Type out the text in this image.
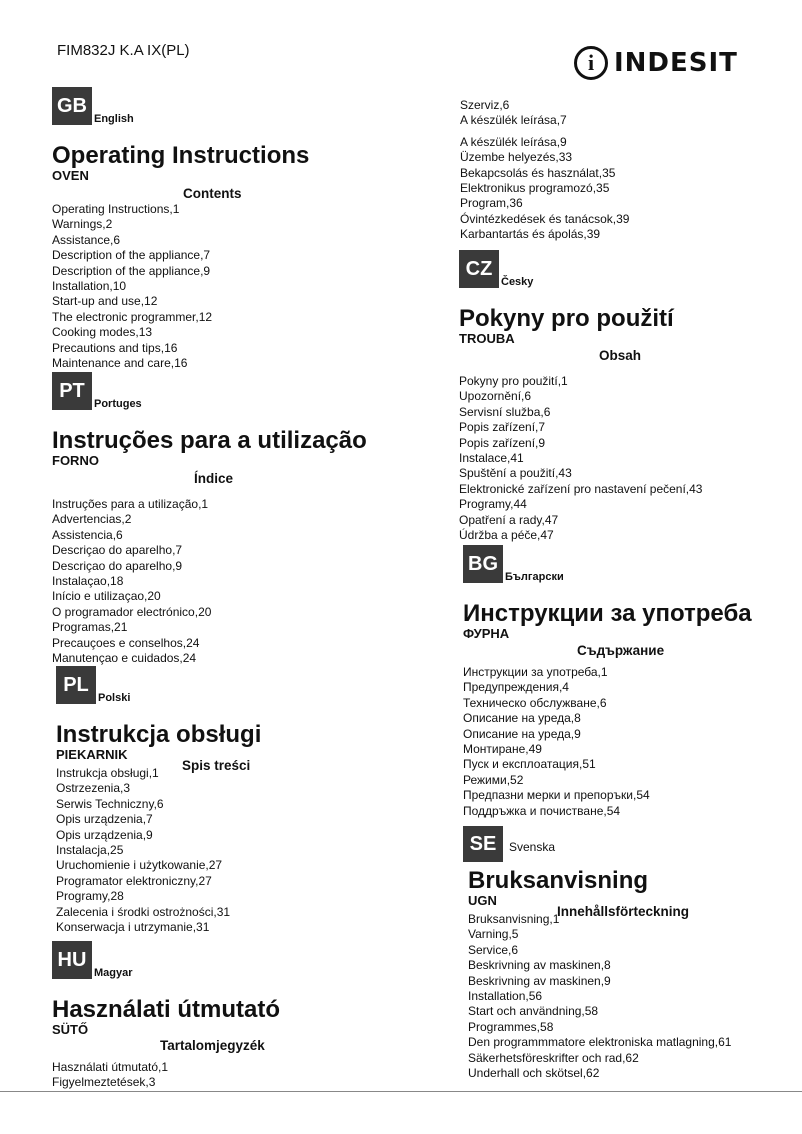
FIM832J K.A IX(PL)	i INDESIT
GB
English
Operating Instructions
OVEN
Contents
Operating Instructions,1
Warnings,2
Assistance,6
Description of the appliance,7
Description of the appliance,9
Installation,10
Start-up and use,12
The electronic programmer,12
Cooking modes,13
Precautions and tips,16
Maintenance and care,16
PT
Portuges
Instruções para a utilização
FORNO
Índice
Instruções para a utilização,1
Advertencias,2
Assistencia,6
Descriçao do aparelho,7
Descriçao do aparelho,9
Instalaçao,18
Início e utilizaçao,20
O programador electrónico,20
Programas,21
Precauçoes e conselhos,24
Manutençao e cuidados,24
PL
Polski
Instrukcja obsługi
PIEKARNIK
Spis treści
Instrukcja obsługi,1
Ostrzezenia,3
Serwis Techniczny,6
Opis urządzenia,7
Opis urządzenia,9
Instalacja,25
Uruchomienie i użytkowanie,27
Programator elektroniczny,27
Programy,28
Zalecenia i środki ostrożności,31
Konserwacja i utrzymanie,31
HU
Magyar
Használati útmutató
SÜTŐ
Tartalomjegyzék
Használati útmutató,1
Figyelmeztetések,3
Szerviz,6
A készülék leírása,7
A készülék leírása,9
Üzembe helyezés,33
Bekapcsolás és használat,35
Elektronikus programozó,35
Program,36
Óvintézkedések és tanácsok,39
Karbantartás és ápolás,39
CZ
Česky
Pokyny pro použití
TROUBA
Obsah
Pokyny pro použití,1
Upozornění,6
Servisní služba,6
Popis zařízení,7
Popis zařízení,9
Instalace,41
Spuštění a použití,43
Elektronické zařízení pro nastavení pečení,43
Programy,44
Opatření a rady,47
Údržba a péče,47
BG
Български
Инструкции за употреба
ФУРНА
Съдържание
Инструкции за употреба,1
Предупреждения,4
Техническо обслужване,6
Описание на уреда,8
Описание на уреда,9
Монтиране,49
Пуск и експлоатация,51
Режими,52
Предпазни мерки и препоръки,54
Поддръжка и почистване,54
SE	Svenska
Bruksanvisning
UGN
Innehållsförteckning
Bruksanvisning,1
Varning,5
Service,6
Beskrivning av maskinen,8
Beskrivning av maskinen,9
Installation,56
Start och användning,58
Programmes,58
Den programmmatore elektroniska matlagning,61
Säkerhetsföreskrifter och rad,62
Underhall och skötsel,62
